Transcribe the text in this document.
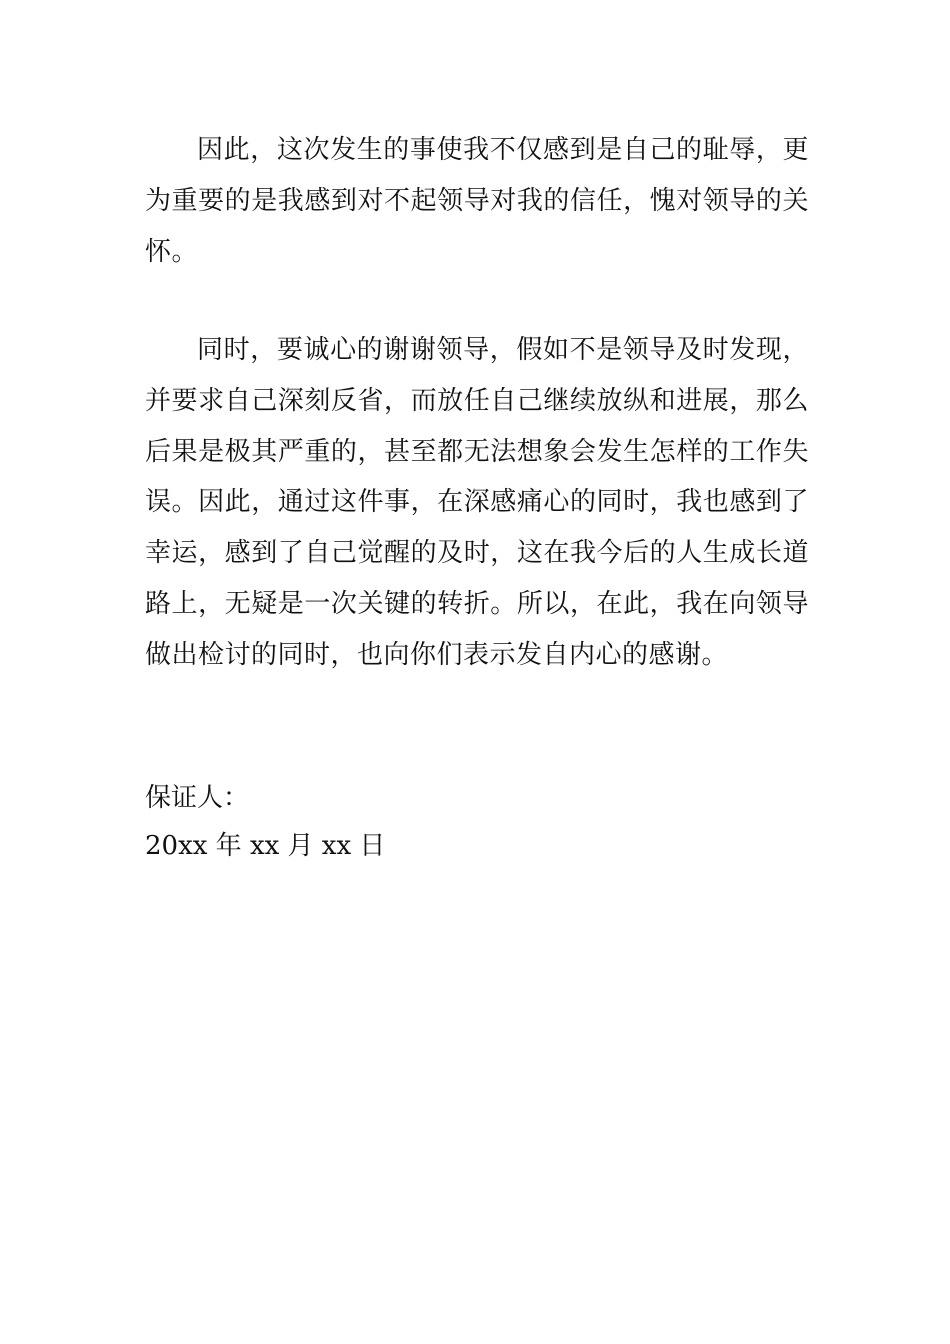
因此，这次发生的事使我不仅感到是自己的耻辱，更为重要的是我感到对不起领导对我的信任，愧对领导的关怀。

同时，要诚心的谢谢领导，假如不是领导及时发现，并要求自己深刻反省，而放任自己继续放纵和进展，那么后果是极其严重的，甚至都无法想象会发生怎样的工作失误。因此，通过这件事，在深感痛心的同时，我也感到了幸运，感到了自己觉醒的及时，这在我今后的人生成长道路上，无疑是一次关键的转折。所以，在此，我在向领导做出检讨的同时，也向你们表示发自内心的感谢。

保证人：

20xx 年 xx 月 xx 日
